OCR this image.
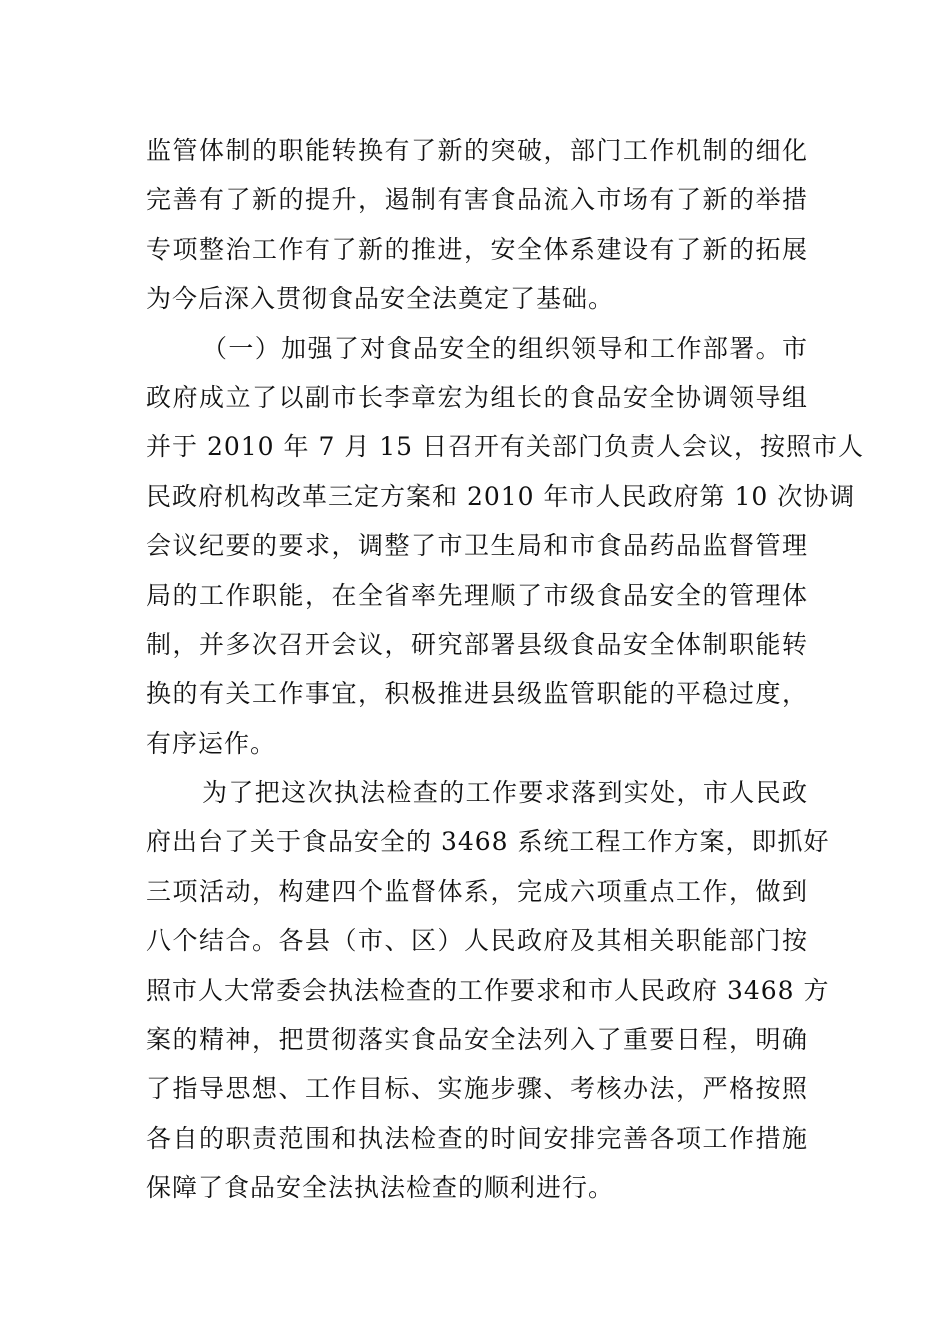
监管体制的职能转换有了新的突破，部门工作机制的细化
完善有了新的提升，遏制有害食品流入市场有了新的举措
专项整治工作有了新的推进，安全体系建设有了新的拓展
为今后深入贯彻食品安全法奠定了基础。
（一）加强了对食品安全的组织领导和工作部署。市
政府成立了以副市长李章宏为组长的食品安全协调领导组
并于 2010 年 7 月 15 日召开有关部门负责人会议，按照市人
民政府机构改革三定方案和 2010 年市人民政府第 10 次协调
会议纪要的要求，调整了市卫生局和市食品药品监督管理
局的工作职能，在全省率先理顺了市级食品安全的管理体
制，并多次召开会议，研究部署县级食品安全体制职能转
换的有关工作事宜，积极推进县级监管职能的平稳过度，
有序运作。
为了把这次执法检查的工作要求落到实处，市人民政
府出台了关于食品安全的 3468 系统工程工作方案，即抓好
三项活动，构建四个监督体系，完成六项重点工作，做到
八个结合。各县（市、区）人民政府及其相关职能部门按
照市人大常委会执法检查的工作要求和市人民政府 3468 方
案的精神，把贯彻落实食品安全法列入了重要日程，明确
了指导思想、工作目标、实施步骤、考核办法，严格按照
各自的职责范围和执法检查的时间安排完善各项工作措施
保障了食品安全法执法检查的顺利进行。
